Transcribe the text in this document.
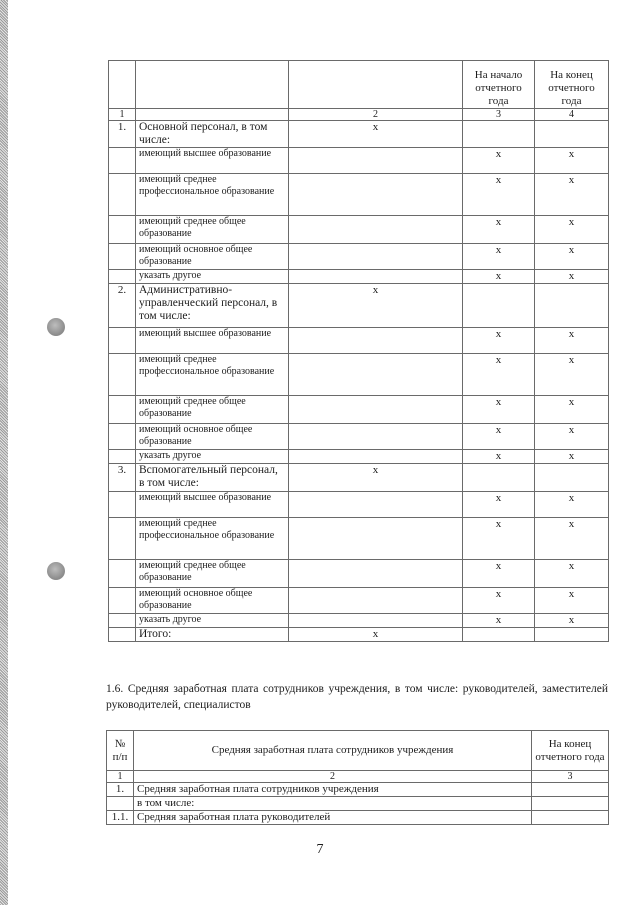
			На начало отчетного года	На конец отчетного года
1		2	3	4
1.	Основной персонал, в том числе:	х		
	имеющий высшее образование		х	х
	имеющий среднее профессиональное образование		х	х
	имеющий среднее общее образование		х	х
	имеющий основное общее образование		х	х
	указать другое		х	х
2.	Административно-управленческий персонал, в том числе:	х		
	имеющий высшее образование		х	х
	имеющий среднее профессиональное образование		х	х
	имеющий среднее общее образование		х	х
	имеющий основное общее образование		х	х
	указать другое		х	х
3.	Вспомогательный персонал, в том числе:	х		
	имеющий высшее образование		х	х
	имеющий среднее профессиональное образование		х	х
	имеющий среднее общее образование		х	х
	имеющий основное общее образование		х	х
	указать другое		х	х
	Итого:	х		
1.6. Средняя заработная плата сотрудников учреждения, в том числе: руководителей, заместителей руководителей, специалистов
№ п/п	Средняя заработная плата сотрудников учреждения	На конец отчетного года
1	2	3
1.	Средняя заработная плата сотрудников учреждения	
	в том числе:	
1.1.	Средняя заработная плата руководителей	
7
